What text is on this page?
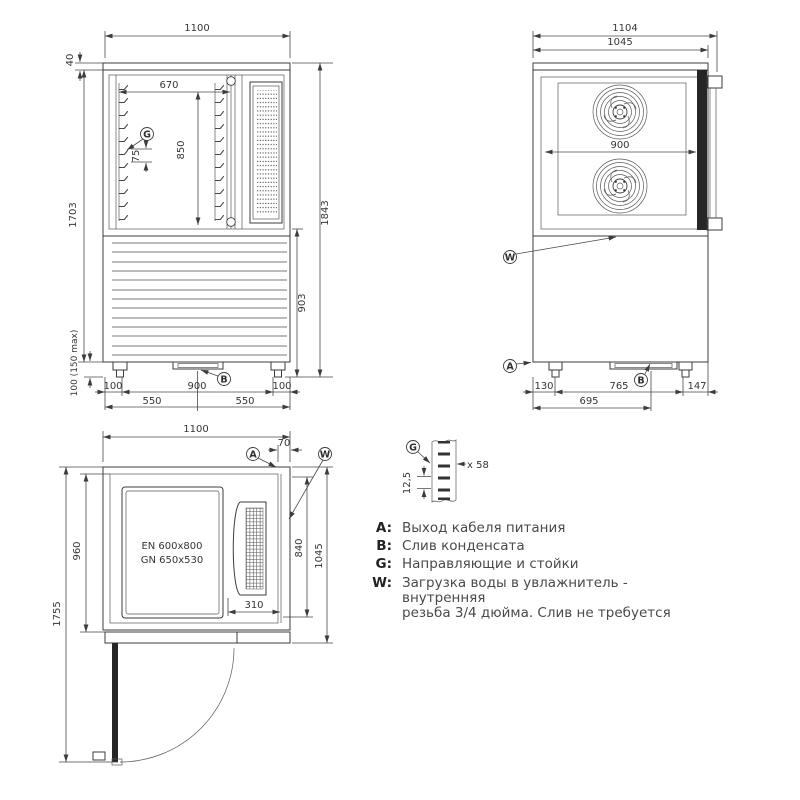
1100
40
1703
670
850
75
903
1843
100 (150 max) 100	900	100
550	550
G
B
1104
1045
900
W
A
B
130	765	147
695
1100
70
A	W
960
1755
840 1045
310
EN 600x800
GN 650x530
G
x 58
12,5
A: Выход кабеля питания
B: Слив конденсата
G: Направляющие и стойки
W: Загрузка воды в увлажнитель - внутренняя
резьба 3/4 дюйма. Слив не требуется
